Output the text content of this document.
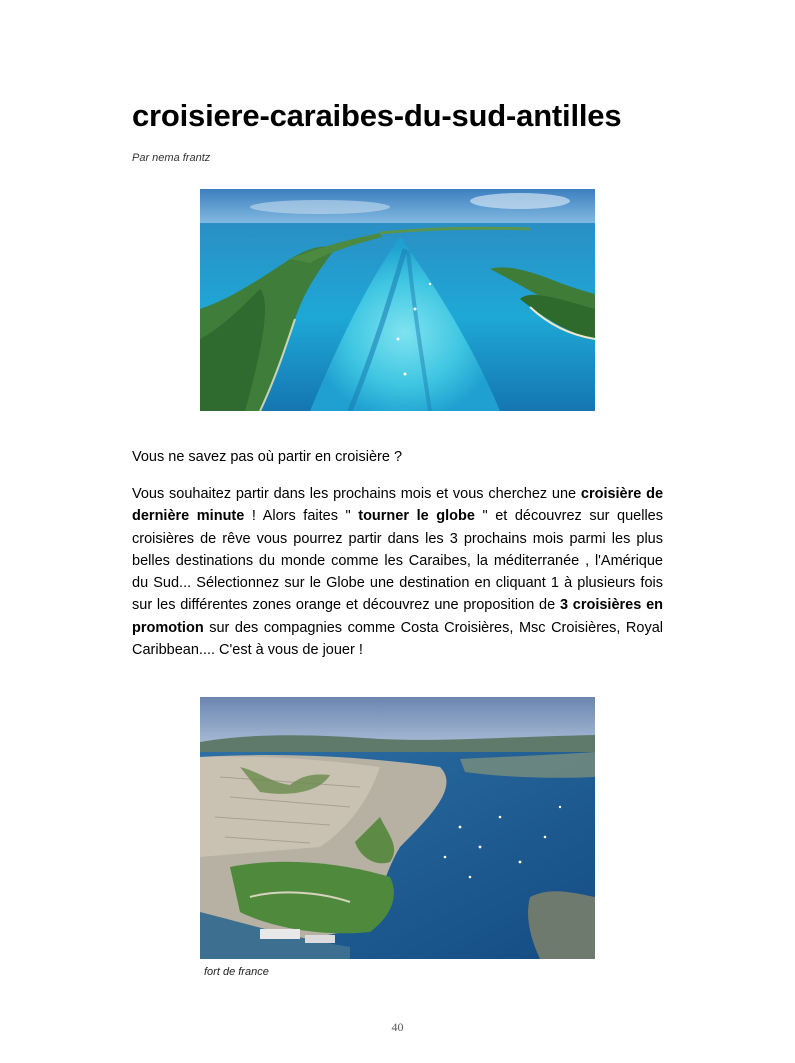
croisiere-caraibes-du-sud-antilles
Par nema frantz
Vous ne savez pas où partir en croisière ?

Vous souhaitez partir dans les prochains mois et vous cherchez une croisière de dernière minute ! Alors faites " tourner le globe " et découvrez sur quelles croisières de rêve vous pourrez partir dans les 3 prochains mois parmi les plus belles destinations du monde comme les Caraibes, la méditerranée , l'Amérique du Sud... Sélectionnez sur le Globe une destination en cliquant 1 à plusieurs fois sur les différentes zones orange et découvrez une proposition de 3 croisières en promotion sur des compagnies comme Costa Croisières, Msc Croisières, Royal Caribbean.... C'est à vous de jouer !

fort de france
40
